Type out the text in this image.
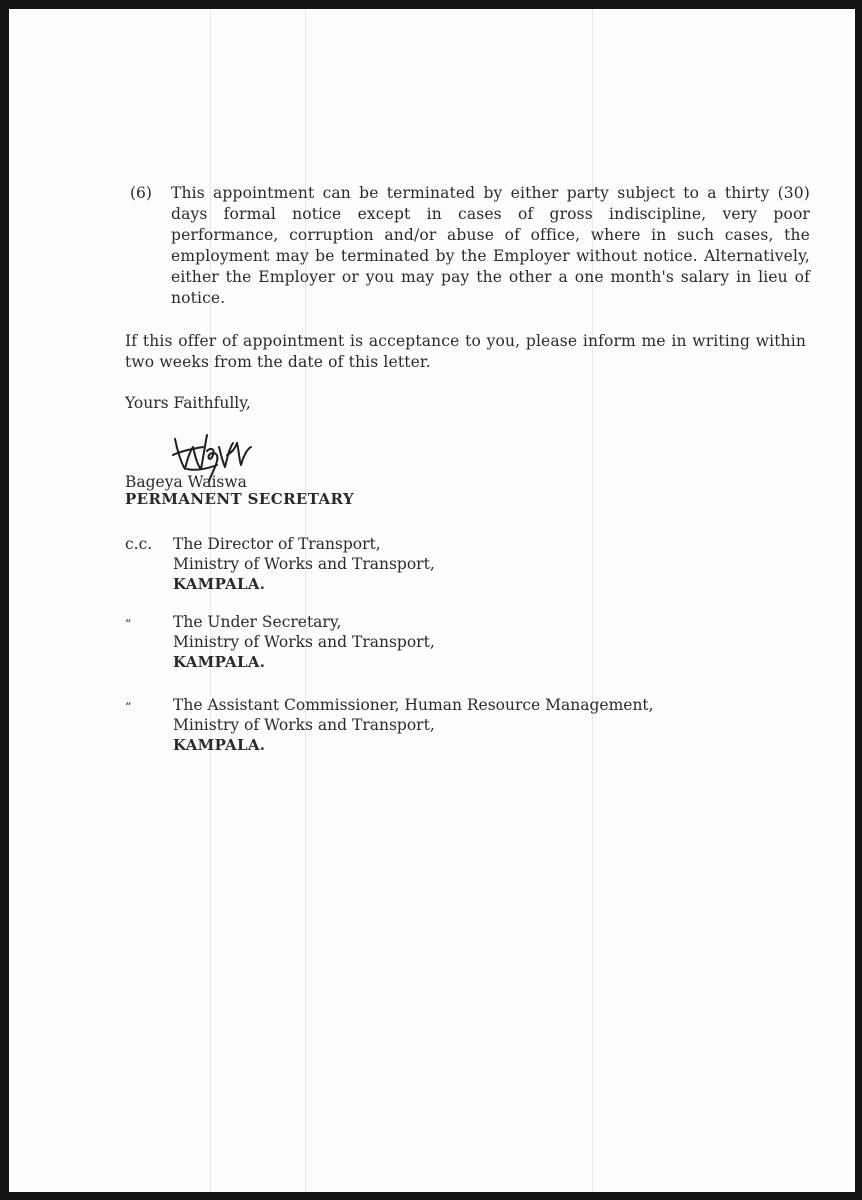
(6)	This appointment can be terminated by either party subject to a thirty (30) days formal notice except in cases of gross indiscipline, very poor performance, corruption and/or abuse of office, where in such cases, the employment may be terminated by the Employer without notice. Alternatively, either the Employer or you may pay the other a one month's salary in lieu of notice.
If this offer of appointment is acceptance to you, please inform me in writing within two weeks from the date of this letter.
Yours Faithfully,
Bageya Waiswa
PERMANENT SECRETARY
c.c.	The Director of Transport,
Ministry of Works and Transport,
KAMPALA.
“	The Under Secretary,
Ministry of Works and Transport,
KAMPALA.
“	The Assistant Commissioner, Human Resource Management,
Ministry of Works and Transport,
KAMPALA.
